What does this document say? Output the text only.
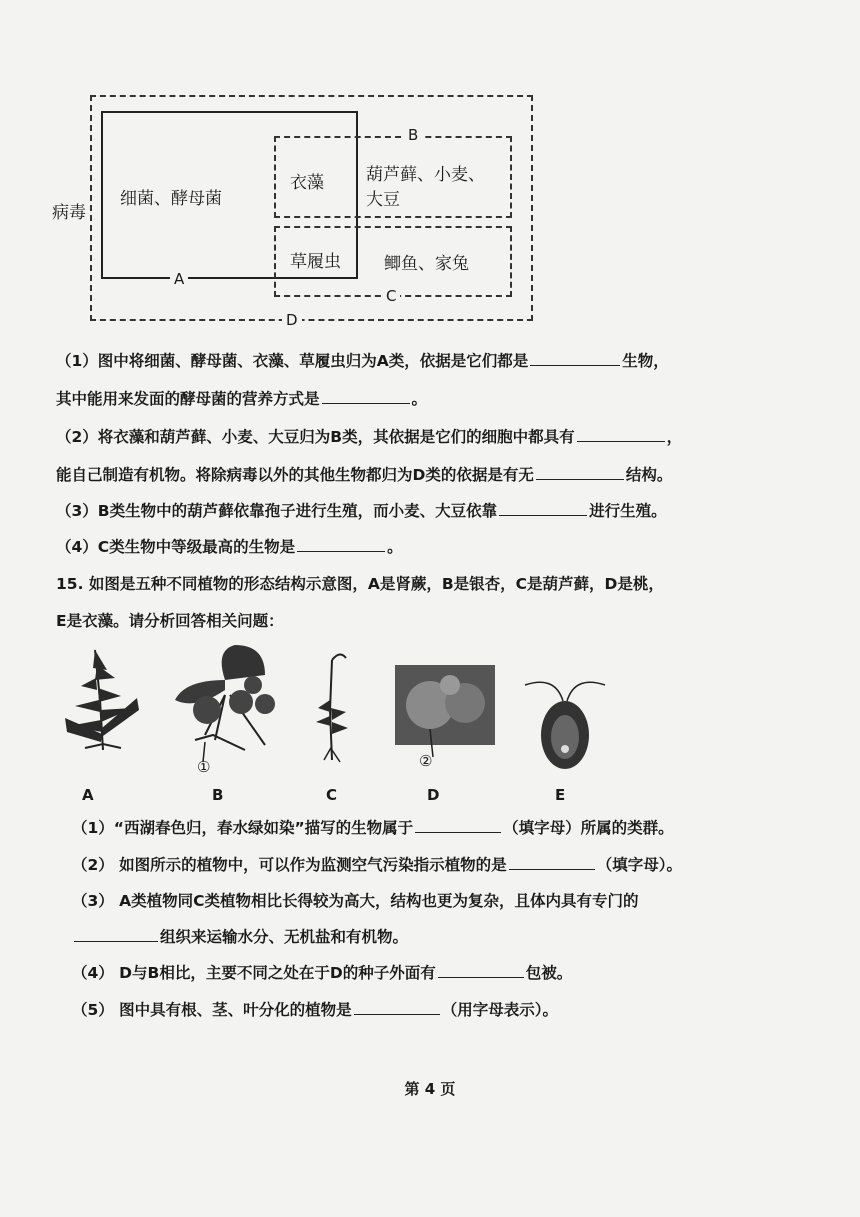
病毒
细菌、酵母菌
衣藻
草履虫
葫芦藓、小麦、大豆
鲫鱼、家兔
B
A
C
D
（1）图中将细菌、酵母菌、衣藻、草履虫归为A类，依据是它们都是	生物，
其中能用来发面的酵母菌的营养方式是	。
（2）将衣藻和葫芦藓、小麦、大豆归为B类，其依据是它们的细胞中都具有	，
能自己制造有机物。将除病毒以外的其他生物都归为D类的依据是有无	结构。
（3）B类生物中的葫芦藓依靠孢子进行生殖，而小麦、大豆依靠	进行生殖。
（4）C类生物中等级最高的生物是	。
15. 如图是五种不同植物的形态结构示意图，A是肾蕨，B是银杏，C是葫芦藓，D是桃，
E是衣藻。请分析回答相关问题：
①	②
A	B	C	D	E
（1）“西湖春色归，春水绿如染”描写的生物属于	（填字母）所属的类群。
（2） 如图所示的植物中，可以作为监测空气污染指示植物的是	（填字母）。
（3） A类植物同C类植物相比长得较为高大，结构也更为复杂，且体内具有专门的
组织来运输水分、无机盐和有机物。
（4） D与B相比，主要不同之处在于D的种子外面有	包被。
（5） 图中具有根、茎、叶分化的植物是	（用字母表示）。
第 4 页
